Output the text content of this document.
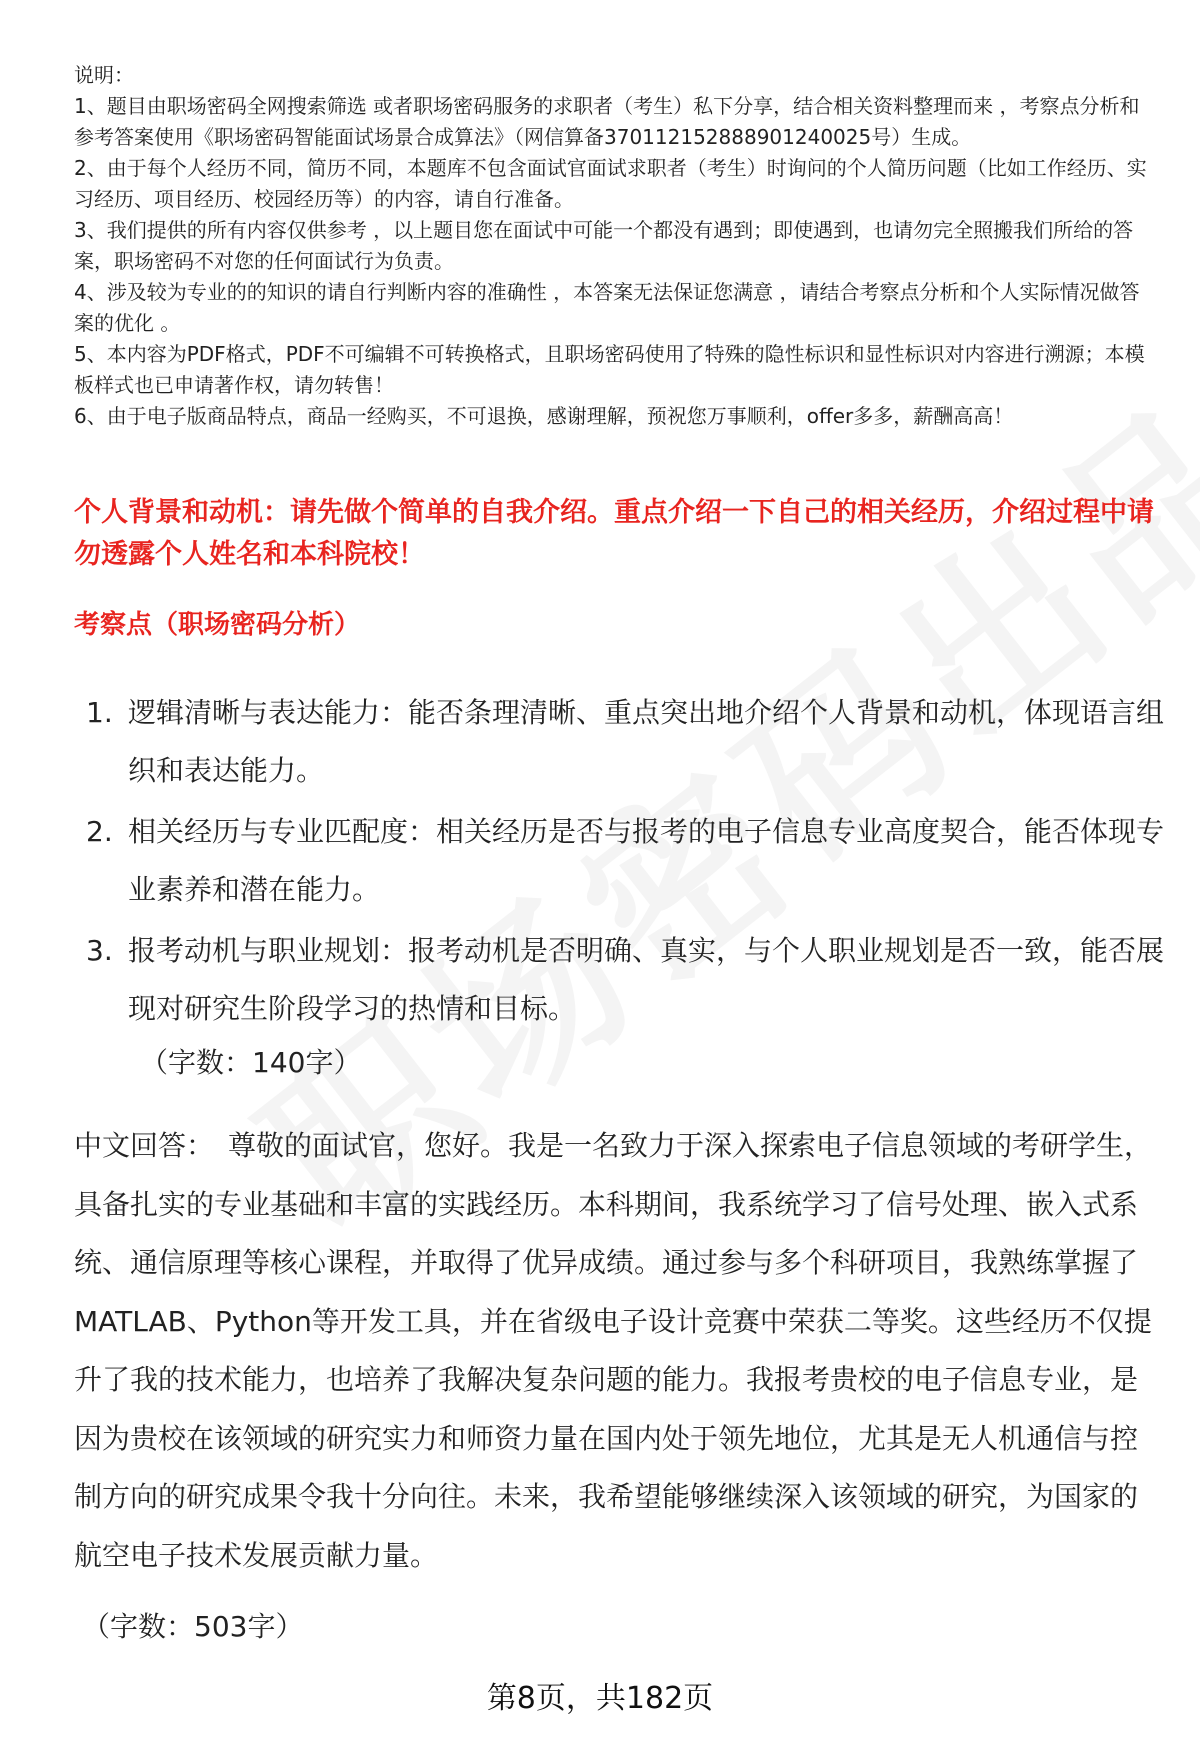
说明：

1、题目由职场密码全网搜索筛选 或者职场密码服务的求职者（考生）私下分享，结合相关资料整理而来 ，考察点分析和参考答案使用《职场密码智能面试场景合成算法》（网信算备370112152888901240025号）生成。

2、由于每个人经历不同，简历不同，本题库不包含面试官面试求职者（考生）时询问的个人简历问题（比如工作经历、实习经历、项目经历、校园经历等）的内容，请自行准备。

3、我们提供的所有内容仅供参考 ，以上题目您在面试中可能一个都没有遇到；即使遇到，也请勿完全照搬我们所给的答案，职场密码不对您的任何面试行为负责。

4、涉及较为专业的的知识的请自行判断内容的准确性 ，本答案无法保证您满意 ，请结合考察点分析和个人实际情况做答案的优化 。

5、本内容为PDF格式，PDF不可编辑不可转换格式，且职场密码使用了特殊的隐性标识和显性标识对内容进行溯源；本模板样式也已申请著作权，请勿转售！

6、由于电子版商品特点，商品一经购买，不可退换，感谢理解，预祝您万事顺利，offer多多，薪酬高高！

个人背景和动机：请先做个简单的自我介绍。重点介绍一下自己的相关经历，介绍过程中请勿透露个人姓名和本科院校！
考察点（职场密码分析）
1. 逻辑清晰与表达能力：能否条理清晰、重点突出地介绍个人背景和动机，体现语言组织和表达能力。
2. 相关经历与专业匹配度：相关经历是否与报考的电子信息专业高度契合，能否体现专业素养和潜在能力。
3. 报考动机与职业规划：报考动机是否明确、真实，与个人职业规划是否一致，能否展现对研究生阶段学习的热情和目标。
（字数：140字）
中文回答： 尊敬的面试官，您好。我是一名致力于深入探索电子信息领域的考研学生，具备扎实的专业基础和丰富的实践经历。本科期间，我系统学习了信号处理、嵌入式系统、通信原理等核心课程，并取得了优异成绩。通过参与多个科研项目，我熟练掌握了MATLAB、Python等开发工具，并在省级电子设计竞赛中荣获二等奖。这些经历不仅提升了我的技术能力，也培养了我解决复杂问题的能力。我报考贵校的电子信息专业，是因为贵校在该领域的研究实力和师资力量在国内处于领先地位，尤其是无人机通信与控制方向的研究成果令我十分向往。未来，我希望能够继续深入该领域的研究，为国家的航空电子技术发展贡献力量。
（字数：503字）
第8页，共182页
